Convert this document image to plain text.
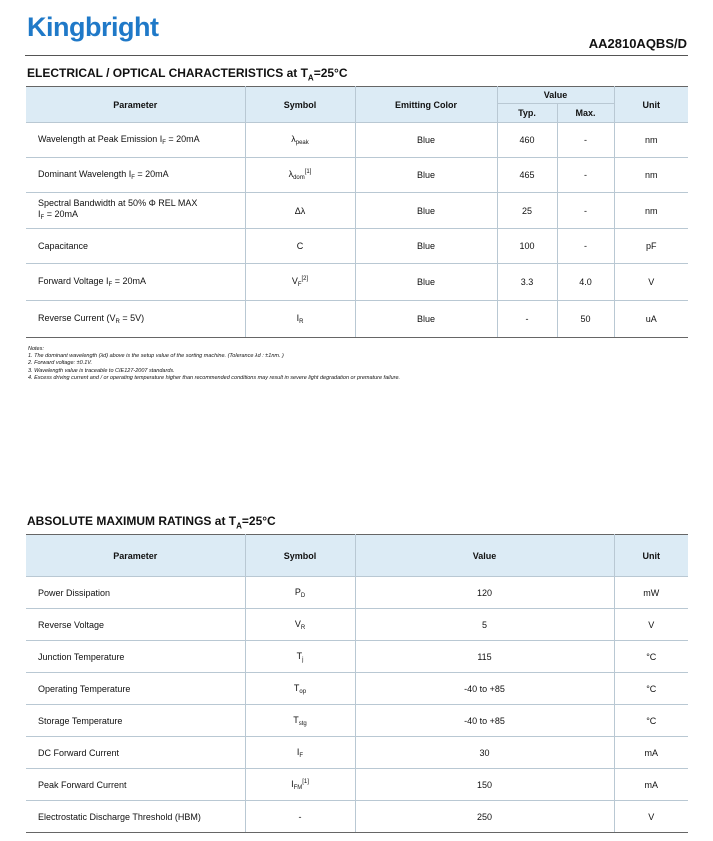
Kingbright
AA2810AQBS/D
ELECTRICAL / OPTICAL CHARACTERISTICS at $T_A=25^\circ C$
Parameter	Symbol	Emitting Color	Value		Unit
			Typ.	Max.	
Wavelength at Peak Emission $I_F = 20mA$	$\lambda_{peak}$	Blue	460	-	nm
Dominant Wavelength $I_F = 20mA$	$\lambda_{dom}[1]$	Blue	465	-	nm
Spectral Bandwidth at 50% Φ REL MAX
$I_F = 20mA$	Δλ	Blue	25	-	nm
Capacitance	C	Blue	100	-	pF
Forward Voltage $I_F = 20mA$	$V_F[2]$	Blue	3.3	4.0	V
Reverse Current $(V_R = 5V)$	$I_R$	Blue	-	50	uA
Notes:
1. The dominant wavelength (λd) above is the setup value of the sorting machine. (Tolerance λd : ±1nm. )
2. Forward voltage: ±0.1V.
3. Wavelength value is traceable to CIE127-2007 standards.
4. Excess driving current and / or operating temperature higher than recommended conditions may result in severe light degradation or premature failure.
ABSOLUTE MAXIMUM RATINGS at $T_A=25^\circ C$
Parameter	Symbol	Value	Unit
Power Dissipation	$P_D$	120	mW
Reverse Voltage	$V_R$	5	V
Junction Temperature	$T_j$	115	°C
Operating Temperature	$T_{op}$	-40 to +85	°C
Storage Temperature	$T_{stg}$	-40 to +85	°C
DC Forward Current	$I_F$	30	mA
Peak Forward Current	$I_{FM}[1]$	150	mA
Electrostatic Discharge Threshold (HBM)	-	250	V
